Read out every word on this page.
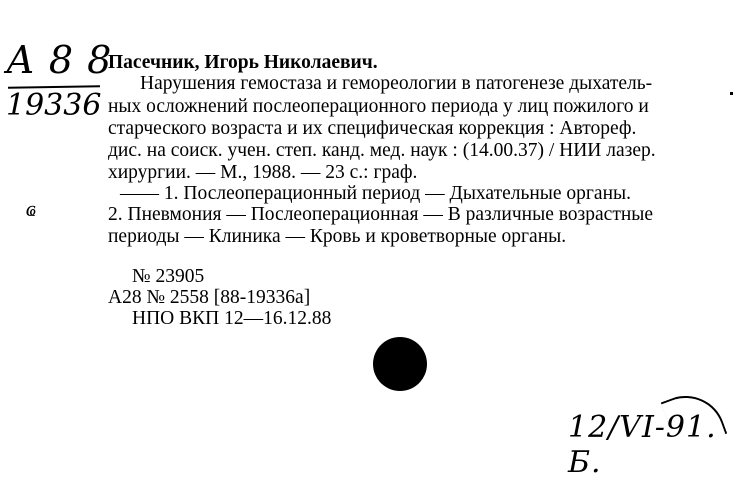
А 8 8
19336
ҩ
Пасечник, Игорь Николаевич.
Нарушения гемостаза и гемореологии в патогенезе дыхатель-
ных осложнений послеоперационного периода у лиц пожилого и
старческого возраста и их специфическая коррекция : Автореф.
дис. на соиск. учен. степ. канд. мед. наук : (14.00.37) / НИИ лазер.
хирургии. — М., 1988. — 23 с.: граф.
—— 1. Послеоперационный период — Дыхательные органы.
2. Пневмония — Послеоперационная — В различные возрастные
периоды — Клиника — Кровь и кроветворные органы.
№ 23905
А28 № 2558 [88-19336а]
НПО ВКП 12—16.12.88
12/VI-91. Б.
